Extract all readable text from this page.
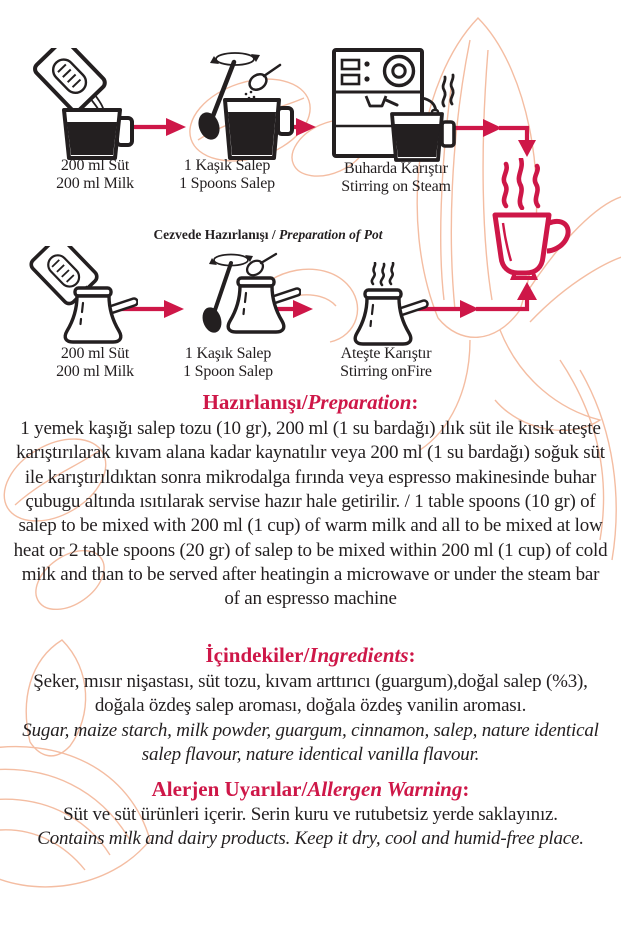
200 ml Süt
200 ml Milk
1 Kaşık Salep
1 Spoons Salep
Buharda Karıştır
Stirring on Steam
Cezvede Hazırlanışı / Preparation of Pot
200 ml Süt
200 ml Milk
1 Kaşık Salep
1 Spoon Salep
Ateşte Karıştır
Stirring onFire
Hazırlanışı/Preparation:
1 yemek kaşığı salep tozu (10 gr), 200 ml (1 su bardağı) ılık süt ile kısık ateşte karıştırılarak kıvam alana kadar kaynatılır veya 200 ml (1 su bardağı) soğuk süt ile karıştırıldıktan sonra mikrodalga fırında veya espresso makinesinde buhar çubugu altında ısıtılarak servise hazır hale getirilir. / 1 table spoons (10 gr) of salep to be mixed with 200 ml (1 cup) of warm milk and all to be mixed at low heat or 2 table spoons (20 gr) of salep to be mixed within 200 ml (1 cup) of cold milk and than to be served after heatingin a microwave or under the steam bar of an espresso machine
İçindekiler/Ingredients:
Şeker, mısır nişastası, süt tozu, kıvam arttırıcı (guargum),doğal salep (%3), doğala özdeş salep aroması, doğala özdeş vanilin aroması.
Sugar, maize starch, milk powder, guargum, cinnamon, salep, nature identical salep flavour, nature identical vanilla flavour.
Alerjen Uyarılar/Allergen Warning:
Süt ve süt ürünleri içerir. Serin kuru ve rutubetsiz yerde saklayınız.
Contains milk and dairy products. Keep it dry, cool and humid-free place.
